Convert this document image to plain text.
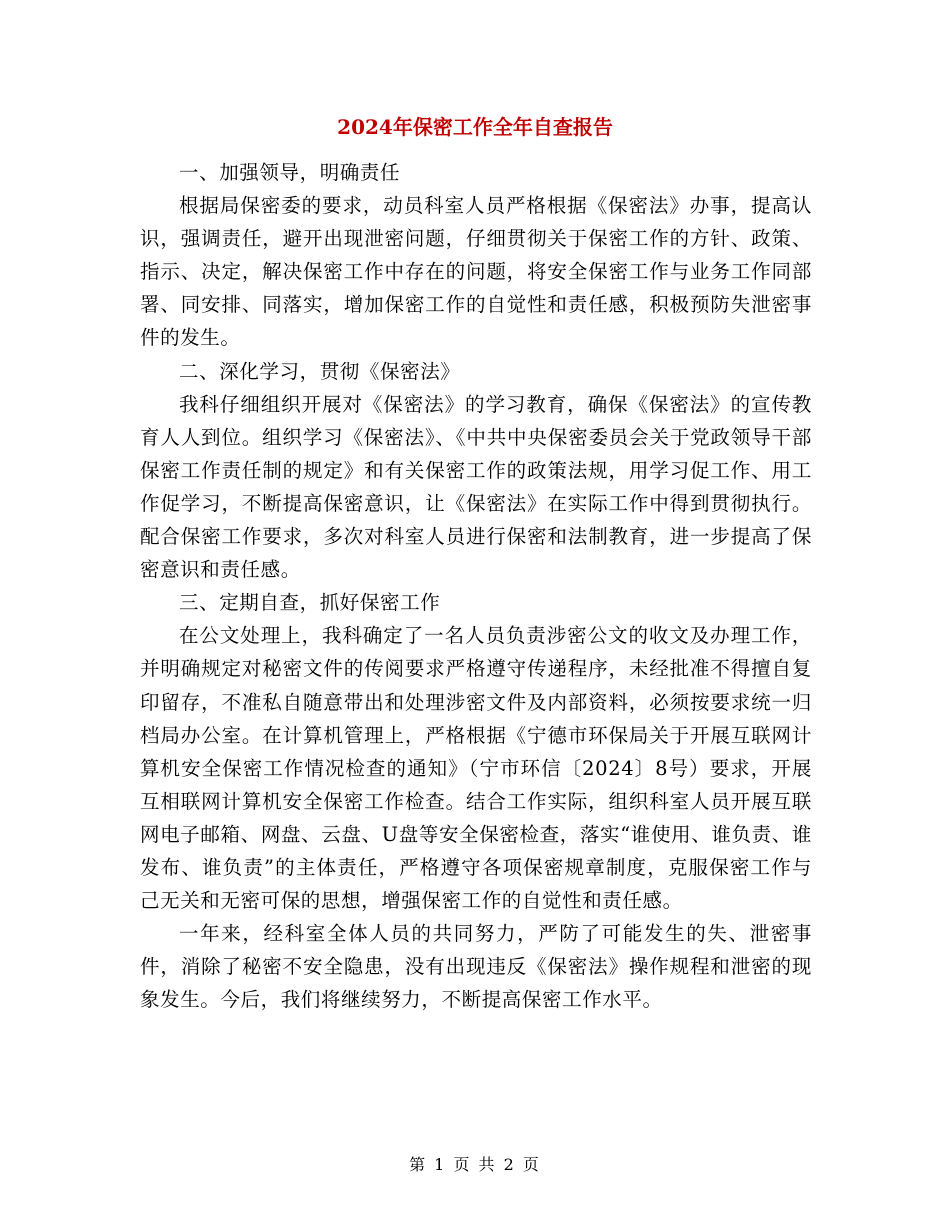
2024年保密工作全年自查报告

一、加强领导，明确责任

根据局保密委的要求，动员科室人员严格根据《保密法》办事，提高认识，强调责任，避开出现泄密问题，仔细贯彻关于保密工作的方针、政策、指示、决定，解决保密工作中存在的问题，将安全保密工作与业务工作同部署、同安排、同落实，增加保密工作的自觉性和责任感，积极预防失泄密事件的发生。

二、深化学习，贯彻《保密法》

我科仔细组织开展对《保密法》的学习教育，确保《保密法》的宣传教育人人到位。组织学习《保密法》、《中共中央保密委员会关于党政领导干部保密工作责任制的规定》和有关保密工作的政策法规，用学习促工作、用工作促学习，不断提高保密意识，让《保密法》在实际工作中得到贯彻执行。配合保密工作要求，多次对科室人员进行保密和法制教育，进一步提高了保密意识和责任感。

三、定期自查，抓好保密工作

在公文处理上，我科确定了一名人员负责涉密公文的收文及办理工作，并明确规定对秘密文件的传阅要求严格遵守传递程序，未经批准不得擅自复印留存，不准私自随意带出和处理涉密文件及内部资料，必须按要求统一归档局办公室。在计算机管理上，严格根据《宁德市环保局关于开展互联网计算机安全保密工作情况检查的通知》（宁市环信〔2024〕8号）要求，开展互相联网计算机安全保密工作检查。结合工作实际，组织科室人员开展互联网电子邮箱、网盘、云盘、U盘等安全保密检查，落实“谁使用、谁负责、谁发布、谁负责”的主体责任，严格遵守各项保密规章制度，克服保密工作与己无关和无密可保的思想，增强保密工作的自觉性和责任感。

一年来，经科室全体人员的共同努力，严防了可能发生的失、泄密事件，消除了秘密不安全隐患，没有出现违反《保密法》操作规程和泄密的现象发生。今后，我们将继续努力，不断提高保密工作水平。

第 1 页 共 2 页
